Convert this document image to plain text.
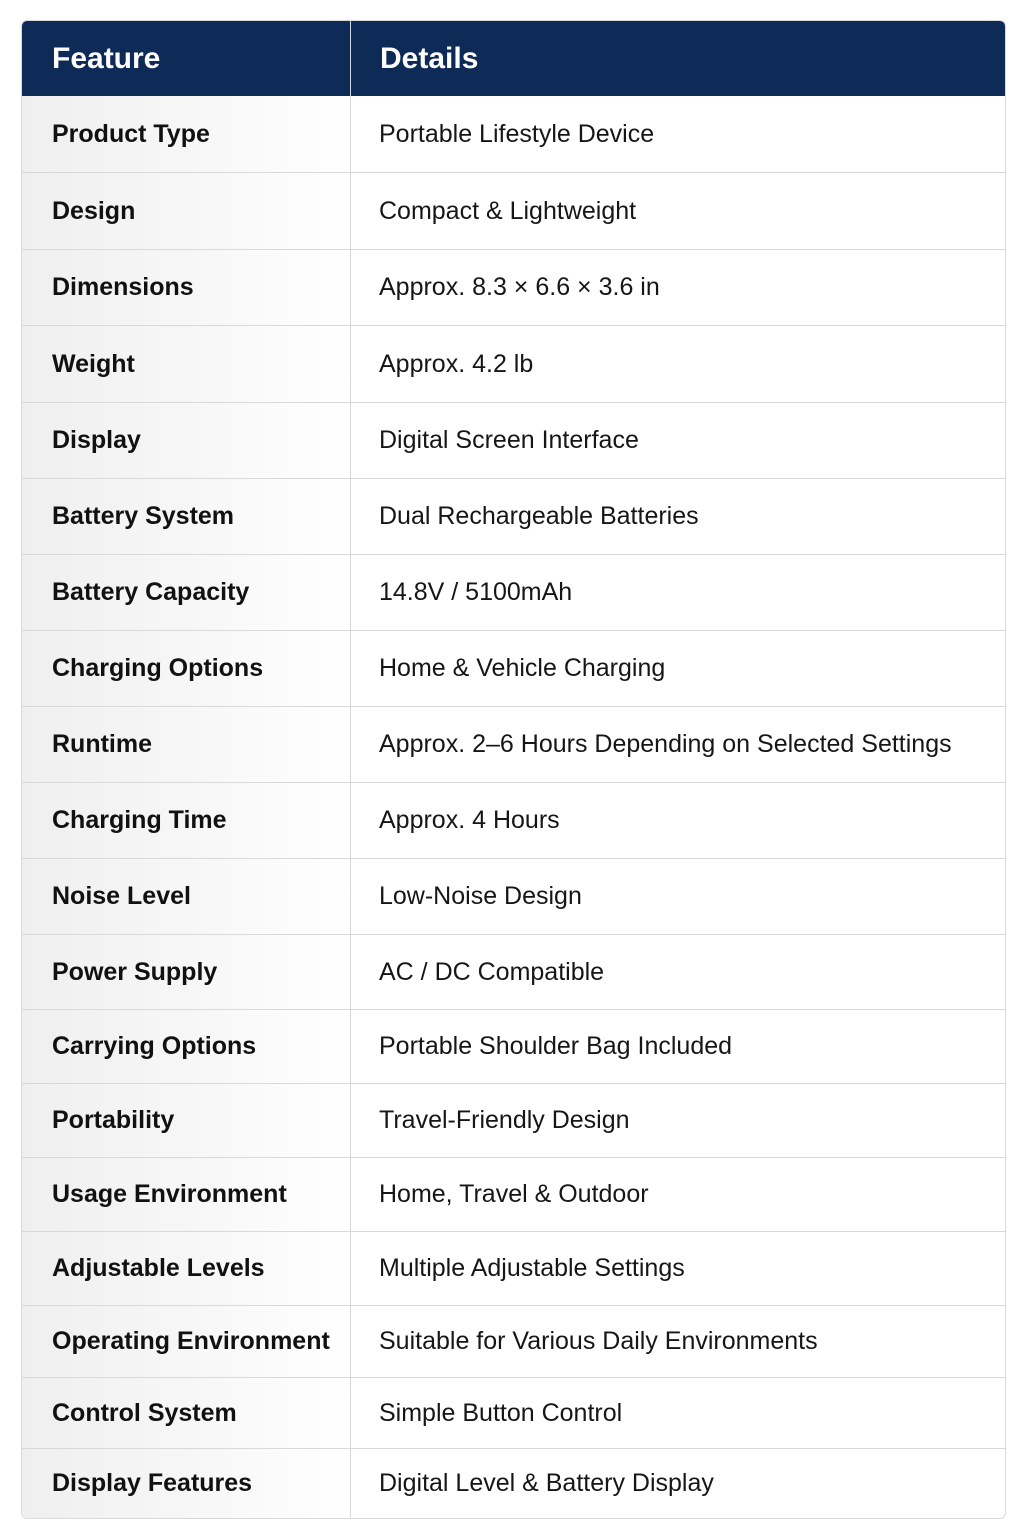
Feature	Details
Product Type	Portable Lifestyle Device
Design	Compact & Lightweight
Dimensions	Approx. 8.3 × 6.6 × 3.6 in
Weight	Approx. 4.2 lb
Display	Digital Screen Interface
Battery System	Dual Rechargeable Batteries
Battery Capacity	14.8V / 5100mAh
Charging Options	Home & Vehicle Charging
Runtime	Approx. 2–6 Hours Depending on Selected Settings
Charging Time	Approx. 4 Hours
Noise Level	Low-Noise Design
Power Supply	AC / DC Compatible
Carrying Options	Portable Shoulder Bag Included
Portability	Travel-Friendly Design
Usage Environment	Home, Travel & Outdoor
Adjustable Levels	Multiple Adjustable Settings
Operating Environment	Suitable for Various Daily Environments
Control System	Simple Button Control
Display Features	Digital Level & Battery Display
